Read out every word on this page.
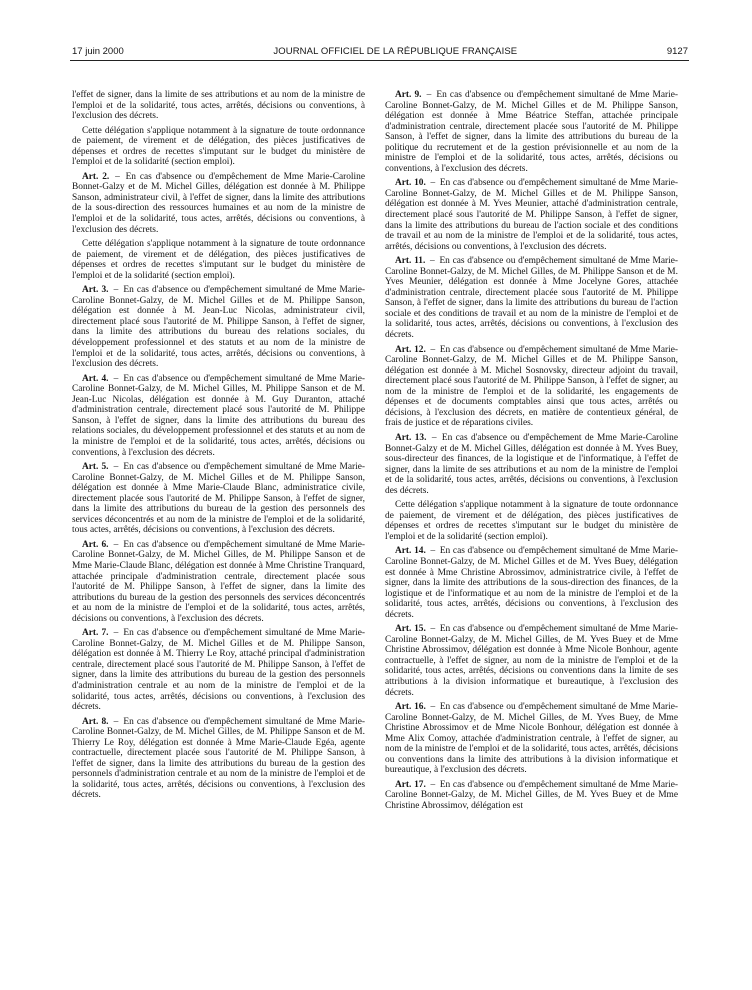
17 juin 2000	JOURNAL OFFICIEL DE LA RÉPUBLIQUE FRANÇAISE	9127

l'effet de signer, dans la limite de ses attributions et au nom de la ministre de l'emploi et de la solidarité, tous actes, arrêtés, décisions ou conventions, à l'exclusion des décrets.

Cette délégation s'applique notamment à la signature de toute ordonnance de paiement, de virement et de délégation, des pièces justificatives de dépenses et ordres de recettes s'imputant sur le budget du ministère de l'emploi et de la solidarité (section emploi).

Art. 2. – En cas d'absence ou d'empêchement de Mme Marie-Caroline Bonnet-Galzy et de M. Michel Gilles, délégation est donnée à M. Philippe Sanson, administrateur civil, à l'effet de signer, dans la limite des attributions de la sous-direction des ressources humaines et au nom de la ministre de l'emploi et de la solidarité, tous actes, arrêtés, décisions ou conventions, à l'exclusion des décrets.

Cette délégation s'applique notamment à la signature de toute ordonnance de paiement, de virement et de délégation, des pièces justificatives de dépenses et ordres de recettes s'imputant sur le budget du ministère de l'emploi et de la solidarité (section emploi).

Art. 3. – En cas d'absence ou d'empêchement simultané de Mme Marie-Caroline Bonnet-Galzy, de M. Michel Gilles et de M. Philippe Sanson, délégation est donnée à M. Jean-Luc Nicolas, administrateur civil, directement placé sous l'autorité de M. Philippe Sanson, à l'effet de signer, dans la limite des attributions du bureau des relations sociales, du développement professionnel et des statuts et au nom de la ministre de l'emploi et de la solidarité, tous actes, arrêtés, décisions ou conventions, à l'exclusion des décrets.

Art. 4. – En cas d'absence ou d'empêchement simultané de Mme Marie-Caroline Bonnet-Galzy, de M. Michel Gilles, M. Philippe Sanson et de M. Jean-Luc Nicolas, délégation est donnée à M. Guy Duranton, attaché d'administration centrale, directement placé sous l'autorité de M. Philippe Sanson, à l'effet de signer, dans la limite des attributions du bureau des relations sociales, du développement professionnel et des statuts et au nom de la ministre de l'emploi et de la solidarité, tous actes, arrêtés, décisions ou conventions, à l'exclusion des décrets.

Art. 5. – En cas d'absence ou d'empêchement simultané de Mme Marie-Caroline Bonnet-Galzy, de M. Michel Gilles et de M. Philippe Sanson, délégation est donnée à Mme Marie-Claude Blanc, administratice civile, directement placée sous l'autorité de M. Philippe Sanson, à l'effet de signer, dans la limite des attributions du bureau de la gestion des personnels des services déconcentrés et au nom de la ministre de l'emploi et de la solidarité, tous actes, arrêtés, décisions ou conventions, à l'exclusion des décrets.

Art. 6. – En cas d'absence ou d'empêchement simultané de Mme Marie-Caroline Bonnet-Galzy, de M. Michel Gilles, de M. Philippe Sanson et de Mme Marie-Claude Blanc, délégation est donnée à Mme Christine Tranquard, attachée principale d'administration centrale, directement placée sous l'autorité de M. Philippe Sanson, à l'effet de signer, dans la limite des attributions du bureau de la gestion des personnels des services déconcentrés et au nom de la ministre de l'emploi et de la solidarité, tous actes, arrêtés, décisions ou conventions, à l'exclusion des décrets.

Art. 7. – En cas d'absence ou d'empêchement simultané de Mme Marie-Caroline Bonnet-Galzy, de M. Michel Gilles et de M. Philippe Sanson, délégation est donnée à M. Thierry Le Roy, attaché principal d'administration centrale, directement placé sous l'autorité de M. Philippe Sanson, à l'effet de signer, dans la limite des attributions du bureau de la gestion des personnels d'administration centrale et au nom de la ministre de l'emploi et de la solidarité, tous actes, arrêtés, décisions ou conventions, à l'exclusion des décrets.

Art. 8. – En cas d'absence ou d'empêchement simultané de Mme Marie-Caroline Bonnet-Galzy, de M. Michel Gilles, de M. Philippe Sanson et de M. Thierry Le Roy, délégation est donnée à Mme Marie-Claude Egéa, agente contractuelle, directement placée sous l'autorité de M. Philippe Sanson, à l'effet de signer, dans la limite des attributions du bureau de la gestion des personnels d'administration centrale et au nom de la ministre de l'emploi et de la solidarité, tous actes, arrêtés, décisions ou conventions, à l'exclusion des décrets.

Art. 9. – En cas d'absence ou d'empêchement simultané de Mme Marie-Caroline Bonnet-Galzy, de M. Michel Gilles et de M. Philippe Sanson, délégation est donnée à Mme Béatrice Steffan, attachée principale d'administration centrale, directement placée sous l'autorité de M. Philippe Sanson, à l'effet de signer, dans la limite des attributions du bureau de la politique du recrutement et de la gestion prévisionnelle et au nom de la ministre de l'emploi et de la solidarité, tous actes, arrêtés, décisions ou conventions, à l'exclusion des décrets.

Art. 10. – En cas d'absence ou d'empêchement simultané de Mme Marie-Caroline Bonnet-Galzy, de M. Michel Gilles et de M. Philippe Sanson, délégation est donnée à M. Yves Meunier, attaché d'administration centrale, directement placé sous l'autorité de M. Philippe Sanson, à l'effet de signer, dans la limite des attributions du bureau de l'action sociale et des conditions de travail et au nom de la ministre de l'emploi et de la solidarité, tous actes, arrêtés, décisions ou conventions, à l'exclusion des décrets.

Art. 11. – En cas d'absence ou d'empêchement simultané de Mme Marie-Caroline Bonnet-Galzy, de M. Michel Gilles, de M. Philippe Sanson et de M. Yves Meunier, délégation est donnée à Mme Jocelyne Gores, attachée d'administration centrale, directement placée sous l'autorité de M. Philippe Sanson, à l'effet de signer, dans la limite des attributions du bureau de l'action sociale et des conditions de travail et au nom de la ministre de l'emploi et de la solidarité, tous actes, arrêtés, décisions ou conventions, à l'exclusion des décrets.

Art. 12. – En cas d'absence ou d'empêchement simultané de Mme Marie-Caroline Bonnet-Galzy, de M. Michel Gilles et de M. Philippe Sanson, délégation est donnée à M. Michel Sosnovsky, directeur adjoint du travail, directement placé sous l'autorité de M. Philippe Sanson, à l'effet de signer, au nom de la ministre de l'emploi et de la solidarité, les engagements de dépenses et de documents comptables ainsi que tous actes, arrêtés ou décisions, à l'exclusion des décrets, en matière de contentieux général, de frais de justice et de réparations civiles.

Art. 13. – En cas d'absence ou d'empêchement de Mme Marie-Caroline Bonnet-Galzy et de M. Michel Gilles, délégation est donnée à M. Yves Buey, sous-directeur des finances, de la logistique et de l'informatique, à l'effet de signer, dans la limite de ses attributions et au nom de la ministre de l'emploi et de la solidarité, tous actes, arrêtés, décisions ou conventions, à l'exclusion des décrets.

Cette délégation s'applique notamment à la signature de toute ordonnance de paiement, de virement et de délégation, des pièces justificatives de dépenses et ordres de recettes s'imputant sur le budget du ministère de l'emploi et de la solidarité (section emploi).

Art. 14. – En cas d'absence ou d'empêchement simultané de Mme Marie-Caroline Bonnet-Galzy, de M. Michel Gilles et de M. Yves Buey, délégation est donnée à Mme Christine Abrossimov, administratrice civile, à l'effet de signer, dans la limite des attributions de la sous-direction des finances, de la logistique et de l'informatique et au nom de la ministre de l'emploi et de la solidarité, tous actes, arrêtés, décisions ou conventions, à l'exclusion des décrets.

Art. 15. – En cas d'absence ou d'empêchement simultané de Mme Marie-Caroline Bonnet-Galzy, de M. Michel Gilles, de M. Yves Buey et de Mme Christine Abrossimov, délégation est donnée à Mme Nicole Bonhour, agente contractuelle, à l'effet de signer, au nom de la ministre de l'emploi et de la solidarité, tous actes, arrêtés, décisions ou conventions dans la limite de ses attributions à la division informatique et bureautique, à l'exclusion des décrets.

Art. 16. – En cas d'absence ou d'empêchement simultané de Mme Marie-Caroline Bonnet-Galzy, de M. Michel Gilles, de M. Yves Buey, de Mme Christine Abrossimov et de Mme Nicole Bonhour, délégation est donnée à Mme Alix Comoy, attachée d'administration centrale, à l'effet de signer, au nom de la ministre de l'emploi et de la solidarité, tous actes, arrêtés, décisions ou conventions dans la limite des attributions à la division informatique et bureautique, à l'exclusion des décrets.

Art. 17. – En cas d'absence ou d'empêchement simultané de Mme Marie-Caroline Bonnet-Galzy, de M. Michel Gilles, de M. Yves Buey et de Mme Christine Abrossimov, délégation est
